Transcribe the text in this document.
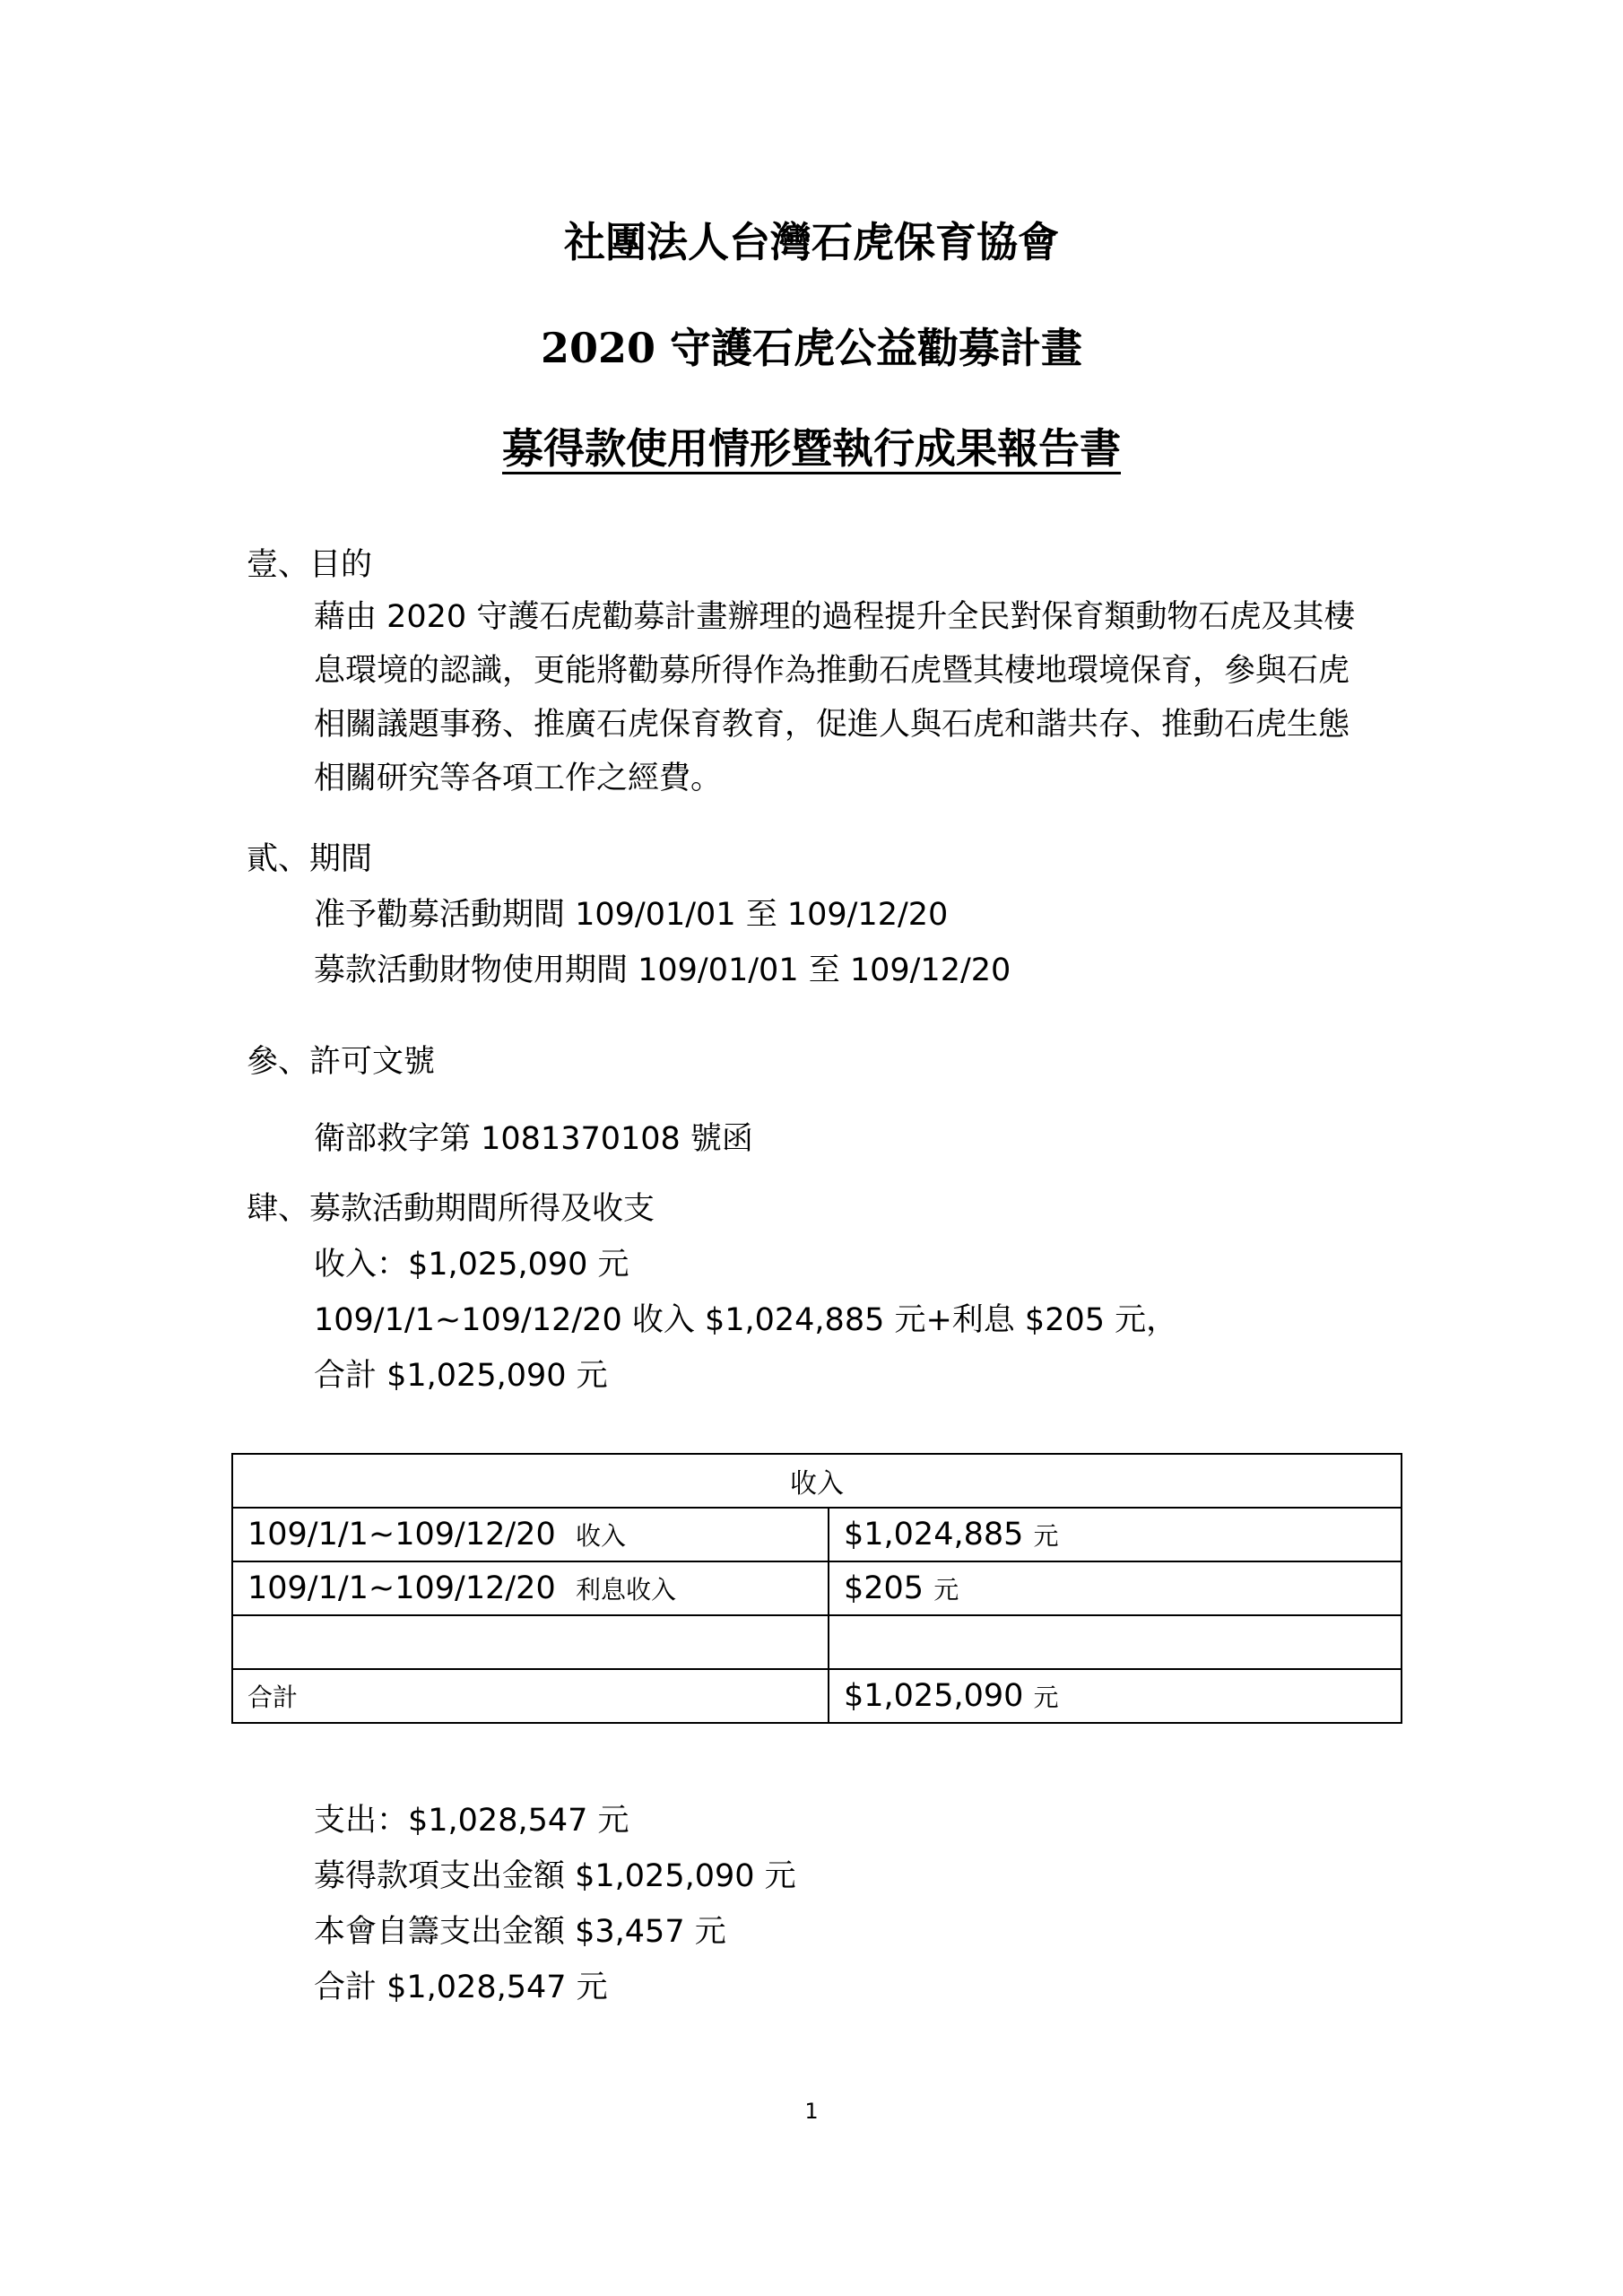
社團法人台灣石虎保育協會
2020 守護石虎公益勸募計畫
募得款使用情形暨執行成果報告書
壹、目的
藉由 2020 守護石虎勸募計畫辦理的過程提升全民對保育類動物石虎及其棲
息環境的認識，更能將勸募所得作為推動石虎暨其棲地環境保育，參與石虎
相關議題事務、推廣石虎保育教育，促進人與石虎和諧共存、推動石虎生態
相關研究等各項工作之經費。
貳、期間
准予勸募活動期間 109/01/01 至 109/12/20
募款活動財物使用期間 109/01/01 至 109/12/20
參、許可文號
衛部救字第 1081370108 號函
肆、募款活動期間所得及收支
收入：$1,025,090 元
109/1/1~109/12/20 收入 $1,024,885 元+利息 $205 元，
合計 $1,025,090 元
收入	
109/1/1~109/12/20 收入	$1,024,885 元
109/1/1~109/12/20 利息收入	$205 元

合計	$1,025,090 元
支出：$1,028,547 元
募得款項支出金額 $1,025,090 元
本會自籌支出金額 $3,457 元
合計 $1,028,547 元
1
